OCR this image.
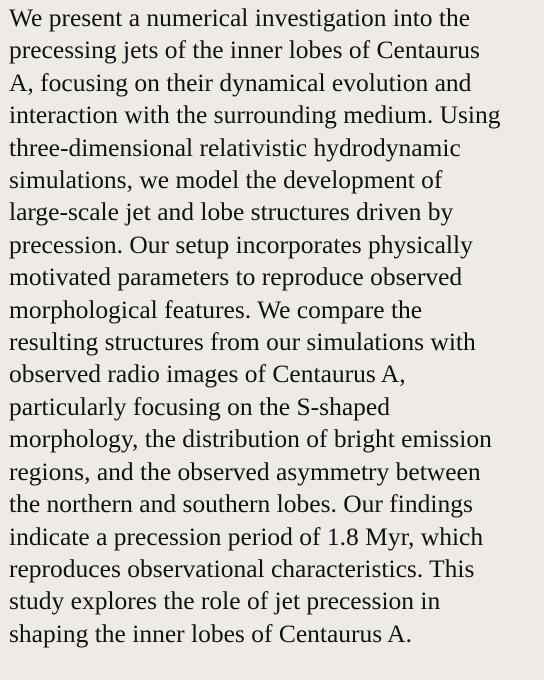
We present a numerical investigation into the
precessing jets of the inner lobes of Centaurus
A, focusing on their dynamical evolution and
interaction with the surrounding medium. Using
three-dimensional relativistic hydrodynamic
simulations, we model the development of
large-scale jet and lobe structures driven by
precession. Our setup incorporates physically
motivated parameters to reproduce observed
morphological features. We compare the
resulting structures from our simulations with
observed radio images of Centaurus A,
particularly focusing on the S-shaped
morphology, the distribution of bright emission
regions, and the observed asymmetry between
the northern and southern lobes. Our findings
indicate a precession period of 1.8 Myr, which
reproduces observational characteristics. This
study explores the role of jet precession in
shaping the inner lobes of Centaurus A.
